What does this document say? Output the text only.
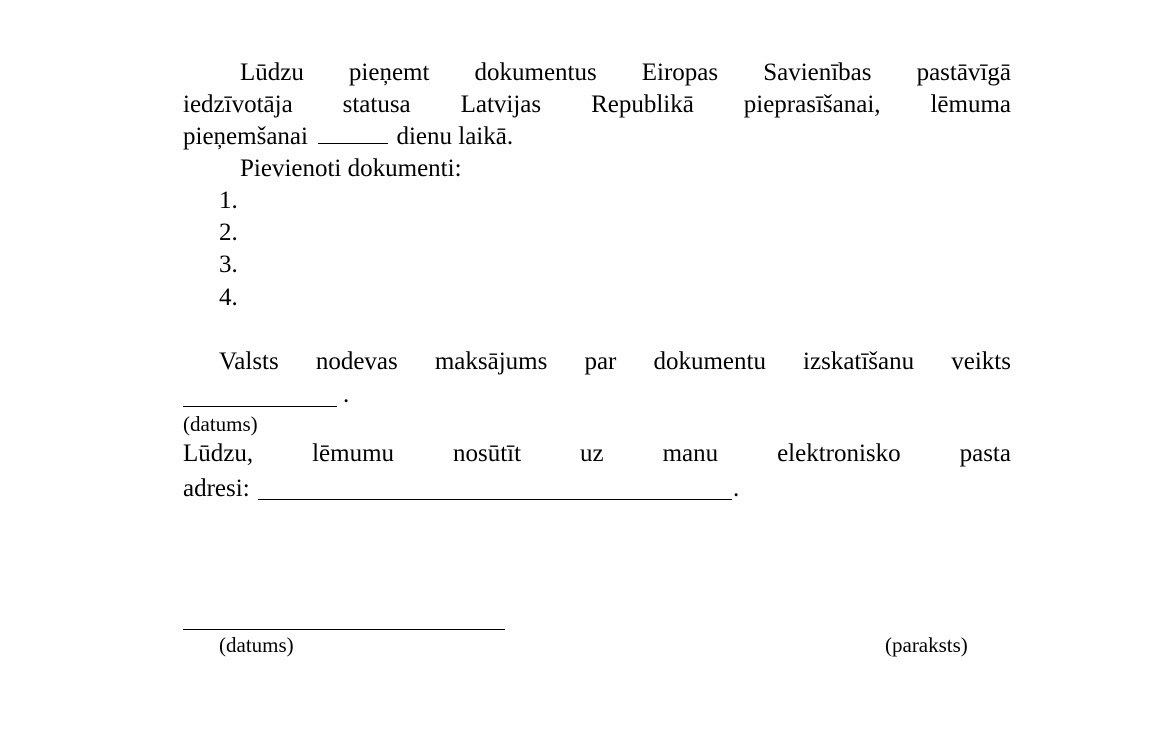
Lūdzu pieņemt dokumentus Eiropas Savienības pastāvīgā
iedzīvotāja statusa Latvijas Republikā pieprasīšanai, lēmuma
pieņemšanai	dienu laikā.
Pievienoti dokumenti:
1.
2.
3.
4.
Valsts nodevas maksājums par dokumentu izskatīšanu veikts
.
(datums)
Lūdzu, lēmumu nosūtīt uz manu elektronisko pasta
adresi:	.
(datums)	(paraksts)
